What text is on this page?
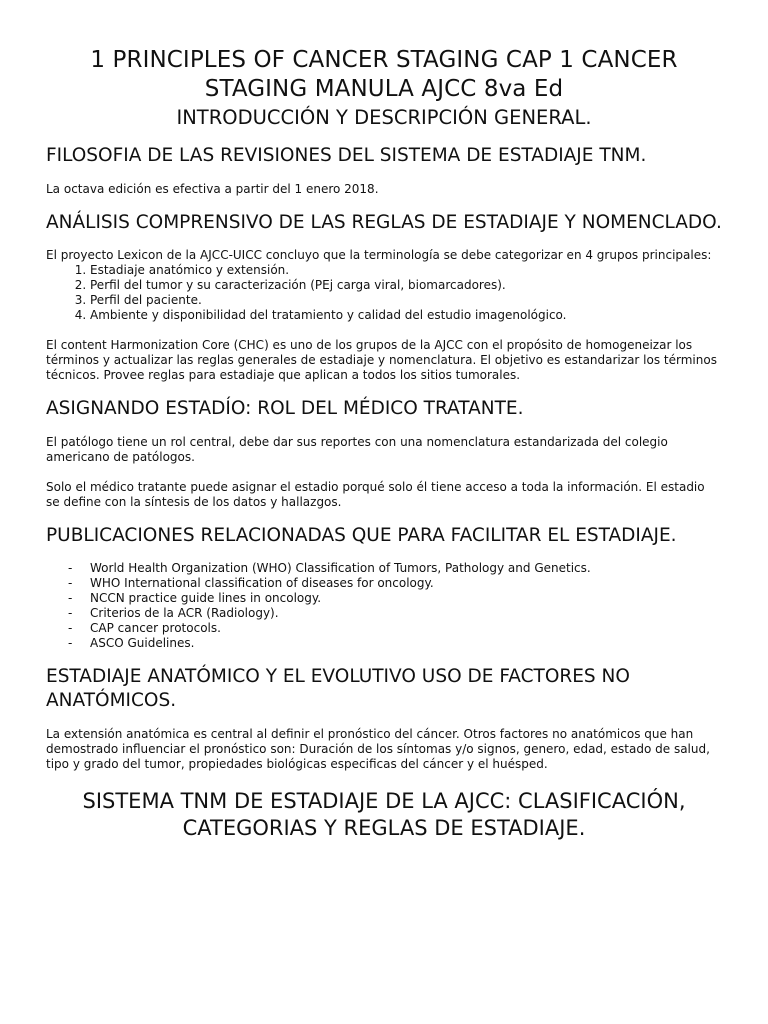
1 PRINCIPLES OF CANCER STAGING CAP 1 CANCER STAGING MANULA AJCC 8va Ed
INTRODUCCIÓN Y DESCRIPCIÓN GENERAL.
FILOSOFIA DE LAS REVISIONES DEL SISTEMA DE ESTADIAJE TNM.

La octava edición es efectiva a partir del 1 enero 2018.

ANÁLISIS COMPRENSIVO DE LAS REGLAS DE ESTADIAJE Y NOMENCLADO.

El proyecto Lexicon de la AJCC-UICC concluyo que la terminología se debe categorizar en 4 grupos principales:

1. Estadiaje anatómico y extensión.
2. Perfil del tumor y su caracterización (PEj carga viral, biomarcadores).
3. Perfil del paciente.
4. Ambiente y disponibilidad del tratamiento y calidad del estudio imagenológico.

El content Harmonization Core (CHC) es uno de los grupos de la AJCC con el propósito de homogeneizar los términos y actualizar las reglas generales de estadiaje y nomenclatura. El objetivo es estandarizar los términos técnicos. Provee reglas para estadiaje que aplican a todos los sitios tumorales.

ASIGNANDO ESTADÍO: ROL DEL MÉDICO TRATANTE.

El patólogo tiene un rol central, debe dar sus reportes con una nomenclatura estandarizada del colegio americano de patólogos.

Solo el médico tratante puede asignar el estadio porqué solo él tiene acceso a toda la información. El estadio se define con la síntesis de los datos y hallazgos.

PUBLICACIONES RELACIONADAS QUE PARA FACILITAR EL ESTADIAJE.
- World Health Organization (WHO) Classification of Tumors, Pathology and Genetics.
- WHO International classification of diseases for oncology.
- NCCN practice guide lines in oncology.
- Criterios de la ACR (Radiology).
- CAP cancer protocols.
- ASCO Guidelines.
ESTADIAJE ANATÓMICO Y EL EVOLUTIVO USO DE FACTORES NO ANATÓMICOS.

La extensión anatómica es central al definir el pronóstico del cáncer. Otros factores no anatómicos que han demostrado influenciar el pronóstico son: Duración de los síntomas y/o signos, genero, edad, estado de salud, tipo y grado del tumor, propiedades biológicas especificas del cáncer y el huésped.

SISTEMA TNM DE ESTADIAJE DE LA AJCC: CLASIFICACIÓN, CATEGORIAS Y REGLAS DE ESTADIAJE.
